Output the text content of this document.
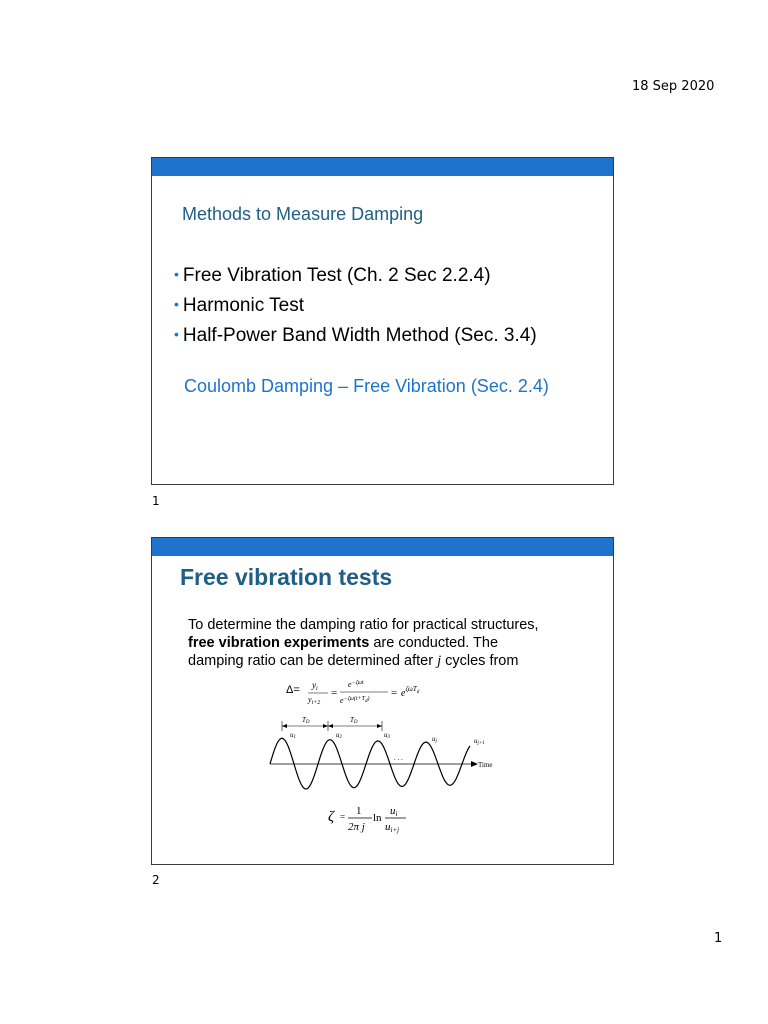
18 Sep 2020
Methods to Measure Damping
• Free Vibration Test (Ch. 2 Sec 2.2.4)
• Harmonic Test
• Half-Power Band Width Method (Sec. 3.4)
Coulomb Damping – Free Vibration (Sec. 2.4)
1
Free vibration tests
To determine the damping ratio for practical structures,
free vibration experiments are conducted. The
damping ratio can be determined after j cycles from
$\Delta= y_i$
$y_{i+2}$
=
$e^{-\zeta\omega t}$
$e^{-\zeta\omega(t+T}_d^) = e^{\zeta\omega T}_d$
TD	TD
u1	u2	u3	uj	uj+1
Time
. . .
ζ = 1
2π j
ln
ui
ui+j
2
1
